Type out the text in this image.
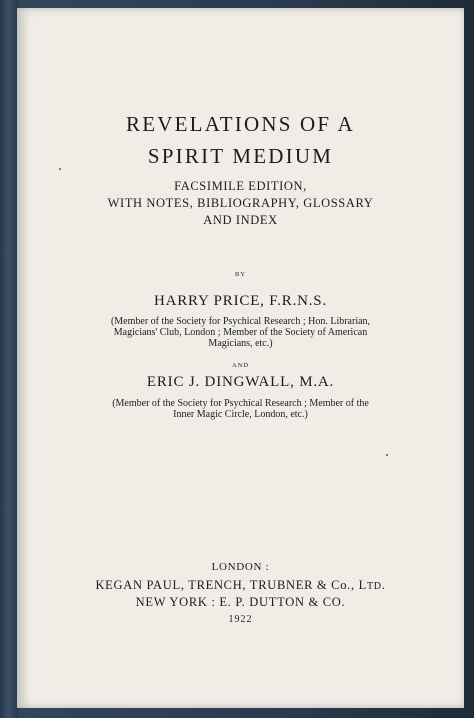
REVELATIONS OF A

SPIRIT MEDIUM

FACSIMILE EDITION,

WITH NOTES, BIBLIOGRAPHY, GLOSSARY

AND INDEX

BY

HARRY PRICE, F.R.N.S.

(Member of the Society for Psychical Research ; Hon. Librarian,

Magicians' Club, London ; Member of the Society of American

Magicians, etc.)

AND

ERIC J. DINGWALL, M.A.

(Member of the Society for Psychical Research ; Member of the

Inner Magic Circle, London, etc.)

LONDON :

KEGAN PAUL, TRENCH, TRUBNER & Co., LTD.

NEW YORK : E. P. DUTTON & CO.

1922
